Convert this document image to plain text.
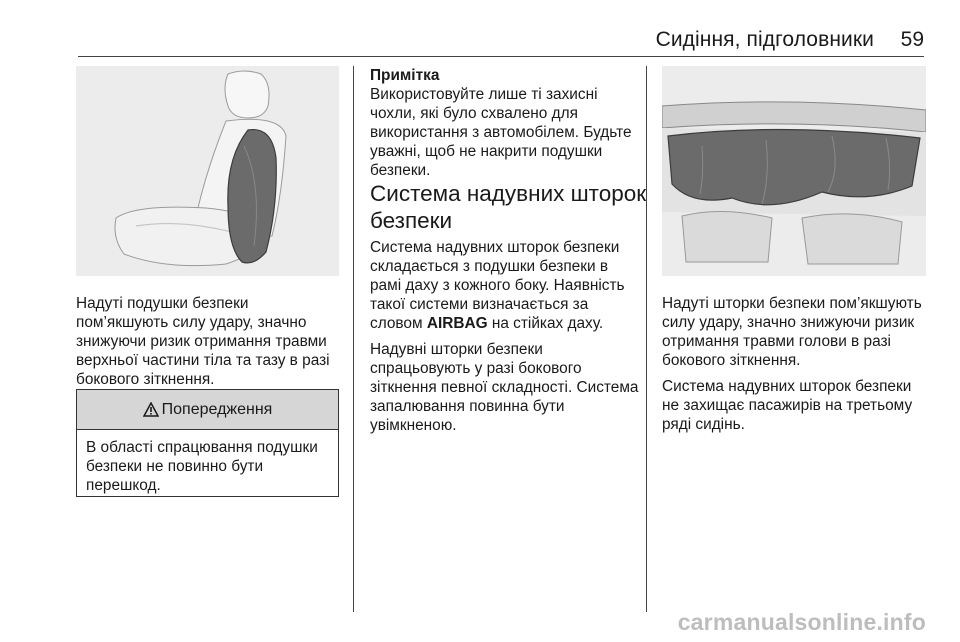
Сидіння, підголовники 59

Надуті подушки безпеки пом’якшують силу удару, значно знижуючи ризик отримання травми верхньої частини тіла та тазу в разі бокового зіткнення.

Попередження
В області спрацювання подушки безпеки не повинно бути перешкод.
Примітка
Використовуйте лише ті захисні чохли, які було схвалено для використання з автомобілем. Будьте уважні, щоб не накрити подушки безпеки.
Система надувних шторок безпеки

Система надувних шторок безпеки складається з подушки безпеки в рамі даху з кожного боку. Наявність такої системи визначається за словом AIRBAG на стійках даху.

Надувні шторки безпеки спрацьовують у разі бокового зіткнення певної складності. Система запалювання повинна бути увімкненою.

Надуті шторки безпеки пом’якшують силу удару, значно знижуючи ризик отримання травми голови в разі бокового зіткнення.

Система надувних шторок безпеки не захищає пасажирів на третьому ряді сидінь.

carmanualsonline.info
